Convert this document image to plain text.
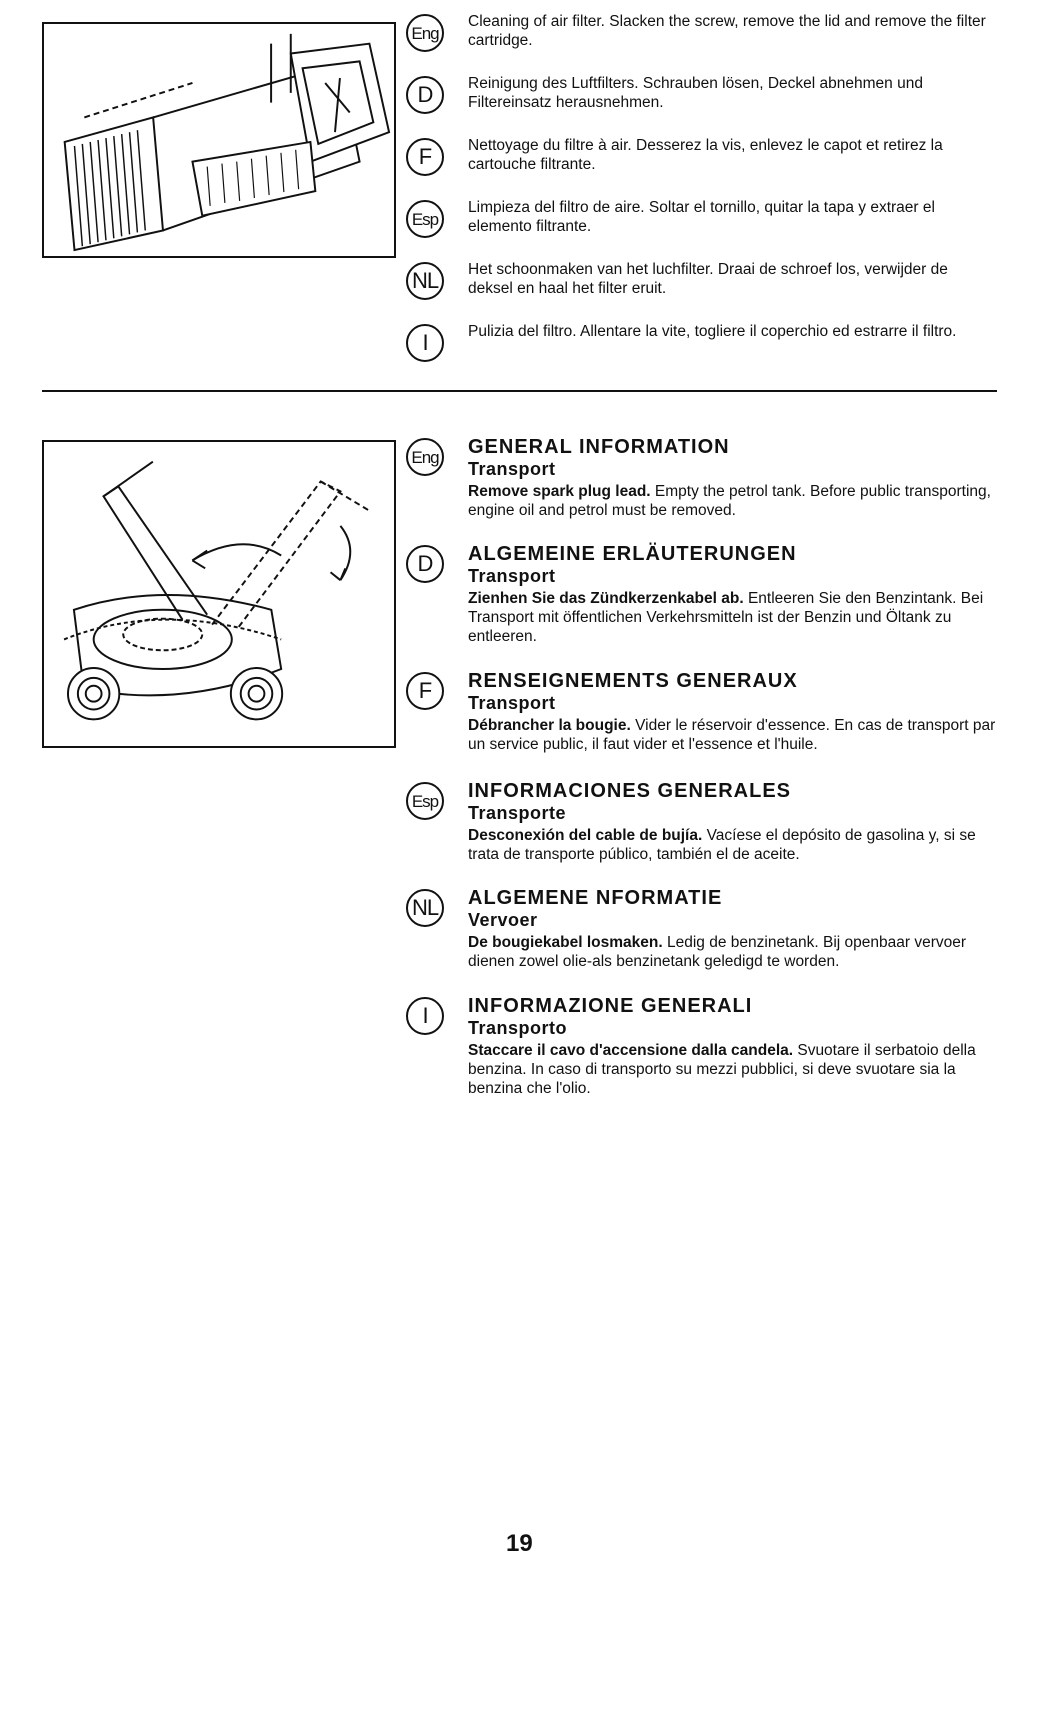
Eng
Cleaning of air filter. Slacken the screw, remove the lid and remove the filter cartridge.
D	Reinigung des Luftfilters. Schrauben lösen, Deckel abnehmen und Filtereinsatz herausnehmen.
F	Nettoyage du filtre à air. Desserez la vis, enlevez le capot et retirez la cartouche filtrante.
Esp
Limpieza del filtro de aire. Soltar el tornillo, quitar la tapa y extraer el elemento filtrante.
NL	Het schoonmaken van het luchfilter. Draai de schroef los, verwijder de deksel en haal het filter eruit.
I	Pulizia del filtro. Allentare la vite, togliere il coperchio ed estrarre il filtro.
Eng GENERAL INFORMATION
Transport
Remove spark plug lead. Empty the petrol tank. Before public transporting, engine oil and petrol must be removed.
D	ALGEMEINE ERLÄUTERUNGEN
Transport
Zienhen Sie das Zündkerzenkabel ab. Entleeren Sie den Benzintank. Bei Transport mit öffentlichen Verkehrsmitteln ist der Benzin und Öltank zu entleeren.
F	RENSEIGNEMENTS GENERAUX
Transport
Débrancher la bougie. Vider le réservoir d'essence. En cas de transport par un service public, il faut vider et l'essence et l'huile.
Esp INFORMACIONES GENERALES
Transporte
Desconexión del cable de bujía. Vacíese el depósito de gasolina y, si se trata de transporte público, también el de aceite.
NL ALGEMENE NFORMATIE
Vervoer
De bougiekabel losmaken. Ledig de benzinetank. Bij openbaar vervoer dienen zowel olie-als benzinetank geledigd te worden.
I	INFORMAZIONE GENERALI
Transporto
Staccare il cavo d'accensione dalla candela. Svuotare il serbatoio della benzina. In caso di transporto su mezzi pubblici, si deve svuotare sia la benzina che l'olio.
19
